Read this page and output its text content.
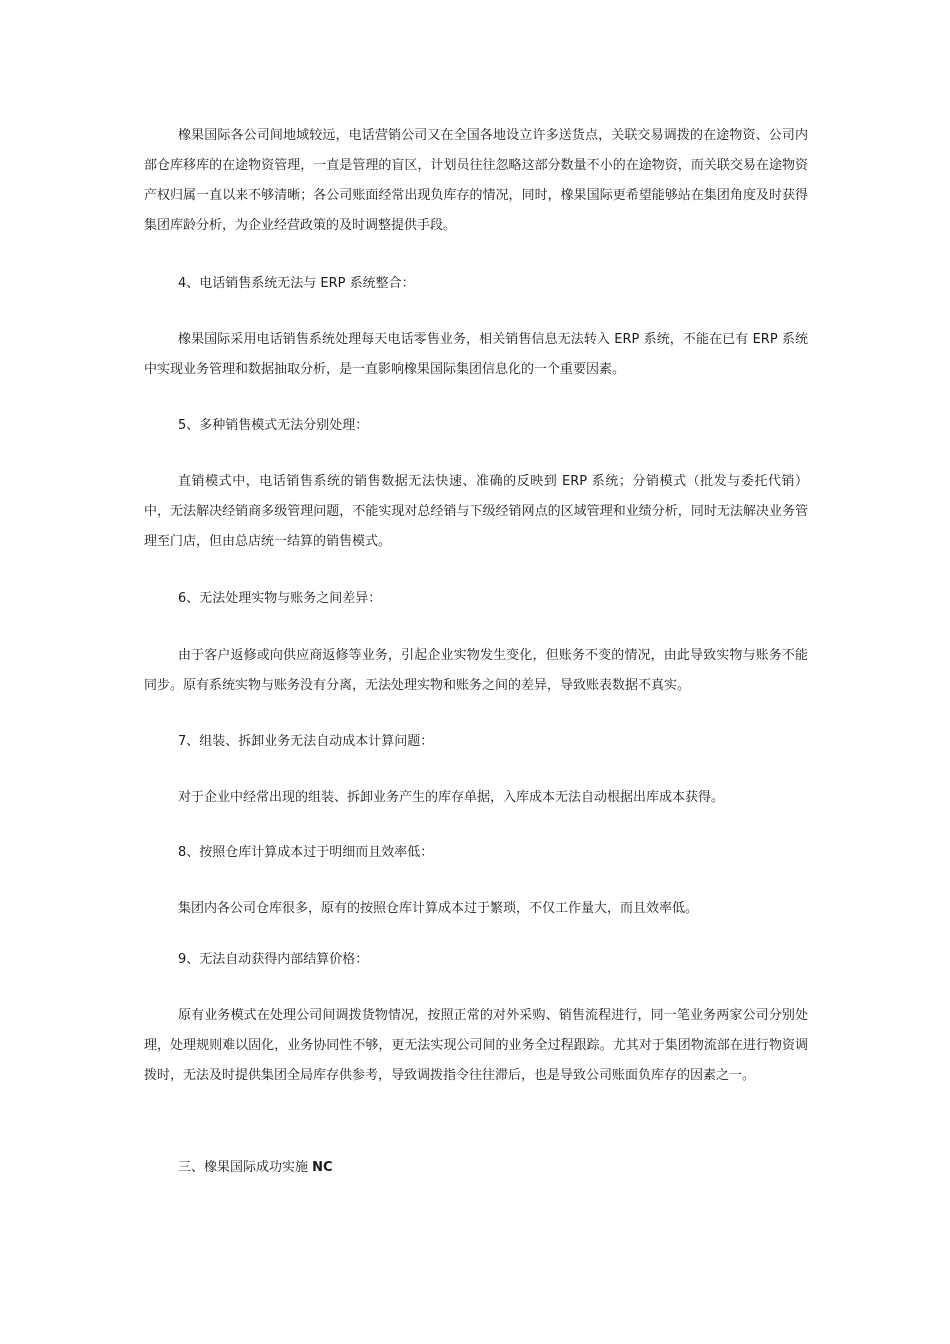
橡果国际各公司间地域较远，电话营销公司又在全国各地设立许多送货点，关联交易调拨的在途物资、公司内部仓库移库的在途物资管理，一直是管理的盲区，计划员往往忽略这部分数量不小的在途物资，而关联交易在途物资产权归属一直以来不够清晰；各公司账面经常出现负库存的情况，同时，橡果国际更希望能够站在集团角度及时获得集团库龄分析，为企业经营政策的及时调整提供手段。

4、电话销售系统无法与 ERP 系统整合：

橡果国际采用电话销售系统处理每天电话零售业务，相关销售信息无法转入 ERP 系统，不能在已有 ERP 系统中实现业务管理和数据抽取分析，是一直影响橡果国际集团信息化的一个重要因素。

5、多种销售模式无法分别处理：

直销模式中，电话销售系统的销售数据无法快速、准确的反映到 ERP 系统；分销模式（批发与委托代销）中，无法解决经销商多级管理问题，不能实现对总经销与下级经销网点的区域管理和业绩分析，同时无法解决业务管理至门店，但由总店统一结算的销售模式。

6、无法处理实物与账务之间差异：

由于客户返修或向供应商返修等业务，引起企业实物发生变化，但账务不变的情况，由此导致实物与账务不能同步。原有系统实物与账务没有分离，无法处理实物和账务之间的差异，导致账表数据不真实。

7、组装、拆卸业务无法自动成本计算问题：

对于企业中经常出现的组装、拆卸业务产生的库存单据，入库成本无法自动根据出库成本获得。

8、按照仓库计算成本过于明细而且效率低：

集团内各公司仓库很多，原有的按照仓库计算成本过于繁琐，不仅工作量大，而且效率低。

9、无法自动获得内部结算价格：

原有业务模式在处理公司间调拨货物情况，按照正常的对外采购、销售流程进行，同一笔业务两家公司分别处理，处理规则难以固化，业务协同性不够，更无法实现公司间的业务全过程跟踪。尤其对于集团物流部在进行物资调拨时，无法及时提供集团全局库存供参考，导致调拨指令往往滞后，也是导致公司账面负库存的因素之一。

三、橡果国际成功实施 NC
